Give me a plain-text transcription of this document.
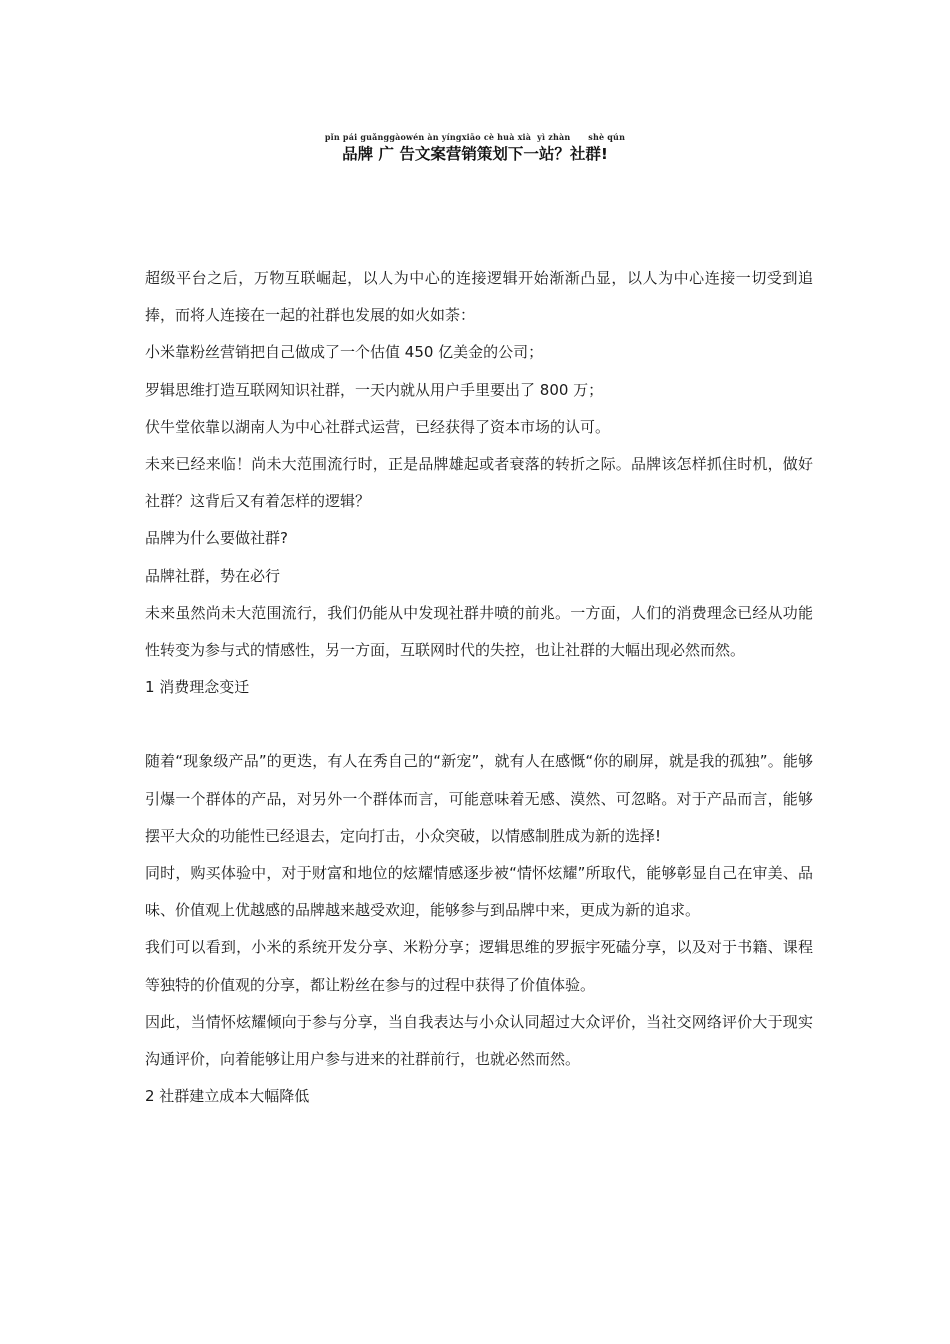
pǐn pái guǎnggàowén àn yíngxiāo cè huà xià  yì zhàn      shè qún
品牌 广 告文案营销策划下一站？社群!

超级平台之后，万物互联崛起，以人为中心的连接逻辑开始渐渐凸显，以人为中心连接一切受到追捧，而将人连接在一起的社群也发展的如火如荼：

小米靠粉丝营销把自己做成了一个估值 450 亿美金的公司；

罗辑思维打造互联网知识社群，一天内就从用户手里要出了 800 万；

伏牛堂依靠以湖南人为中心社群式运营，已经获得了资本市场的认可。

未来已经来临！尚未大范围流行时，正是品牌雄起或者衰落的转折之际。品牌该怎样抓住时机，做好社群？这背后又有着怎样的逻辑？

品牌为什么要做社群?

品牌社群，势在必行

未来虽然尚未大范围流行，我们仍能从中发现社群井喷的前兆。一方面，人们的消费理念已经从功能性转变为参与式的情感性，另一方面，互联网时代的失控，也让社群的大幅出现必然而然。

1 消费理念变迁

随着“现象级产品”的更迭，有人在秀自己的“新宠”，就有人在感慨“你的刷屏，就是我的孤独”。能够引爆一个群体的产品，对另外一个群体而言，可能意味着无感、漠然、可忽略。对于产品而言，能够摆平大众的功能性已经退去，定向打击，小众突破，以情感制胜成为新的选择!

同时，购买体验中，对于财富和地位的炫耀情感逐步被“情怀炫耀”所取代，能够彰显自己在审美、品味、价值观上优越感的品牌越来越受欢迎，能够参与到品牌中来，更成为新的追求。

我们可以看到，小米的系统开发分享、米粉分享；逻辑思维的罗振宇死磕分享，以及对于书籍、课程等独特的价值观的分享，都让粉丝在参与的过程中获得了价值体验。

因此，当情怀炫耀倾向于参与分享，当自我表达与小众认同超过大众评价，当社交网络评价大于现实沟通评价，向着能够让用户参与进来的社群前行，也就必然而然。

2 社群建立成本大幅降低
